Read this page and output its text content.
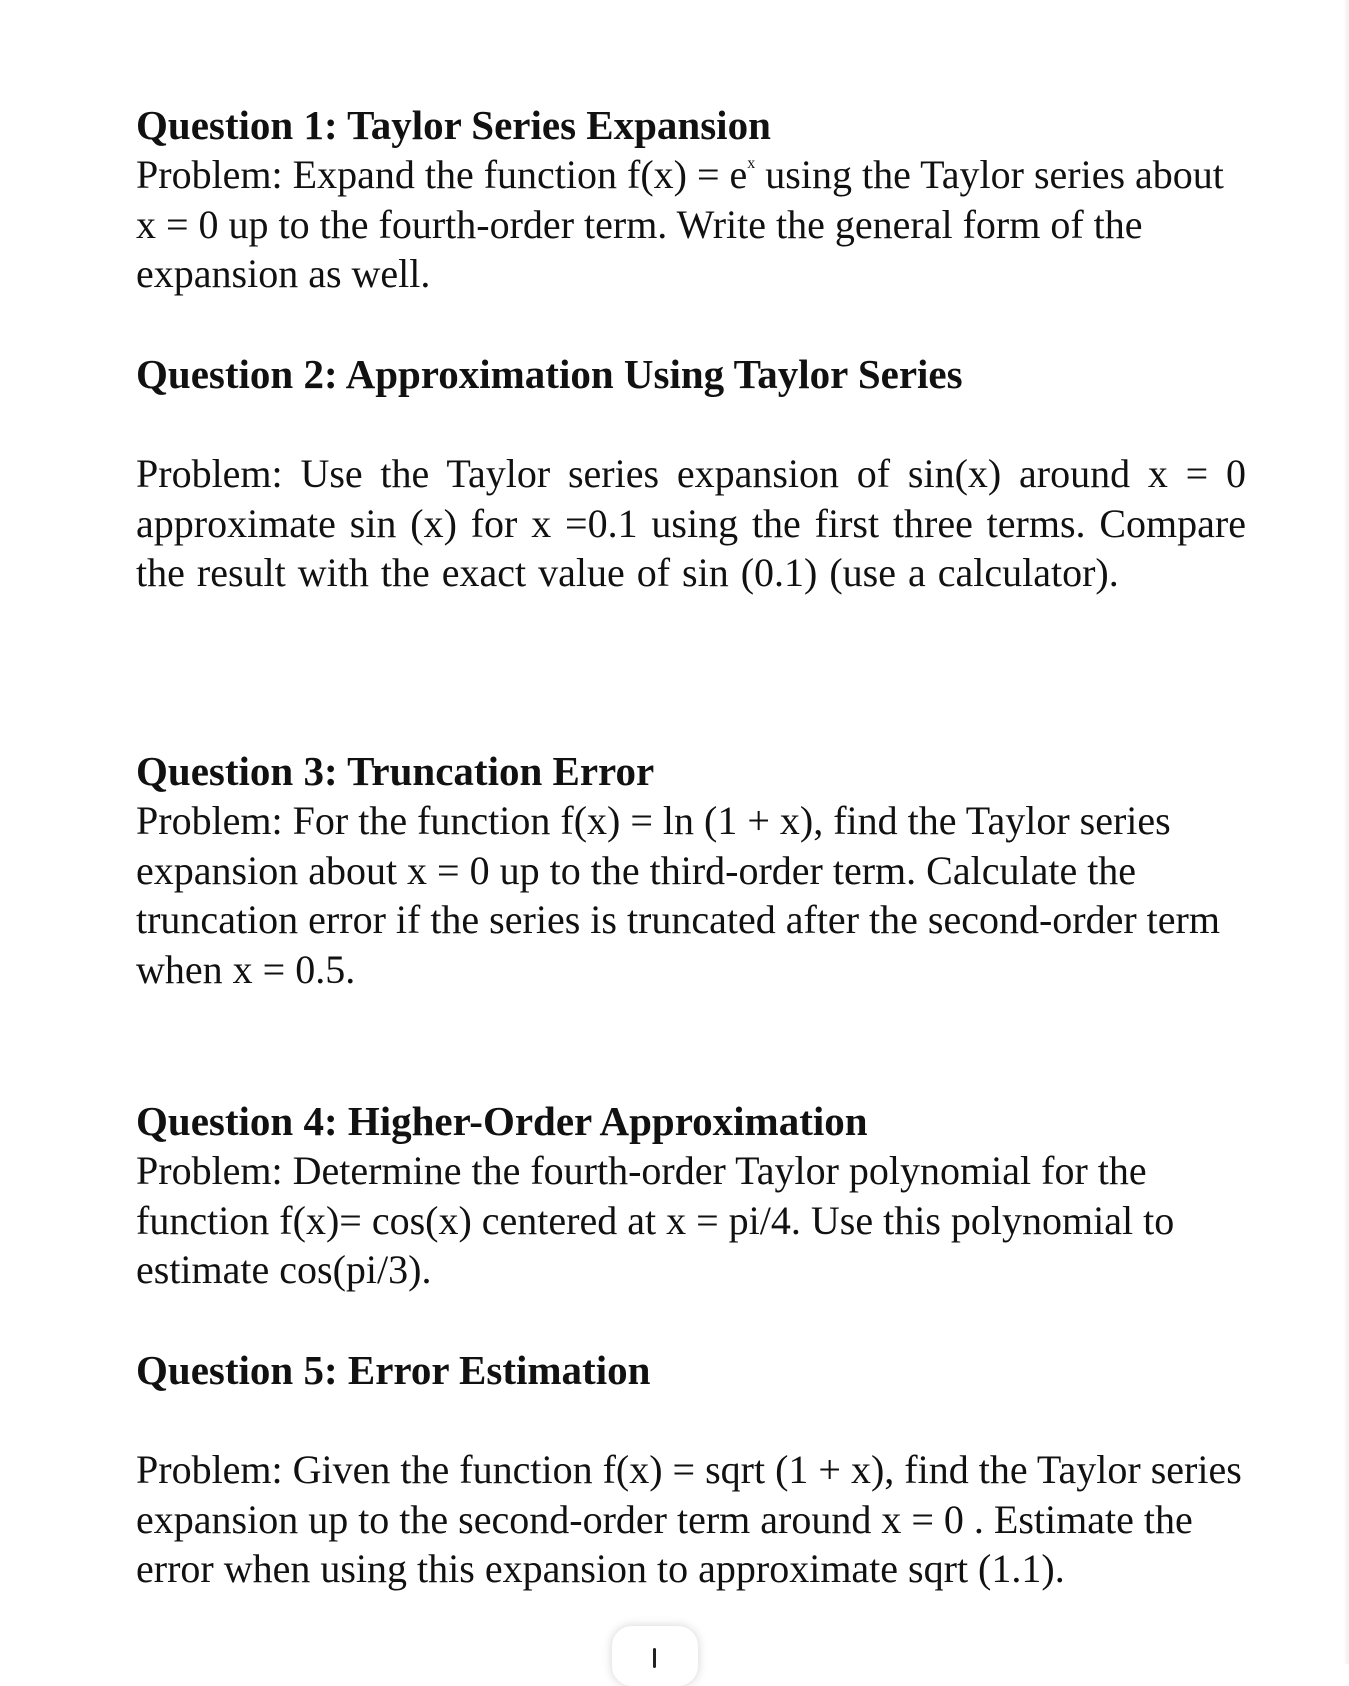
Question 1: Taylor Series Expansion

Problem: Expand the function $f(x) = e^x$ using the Taylor series about x = 0 up to the fourth-order term. Write the general form of the expansion as well.

Question 2: Approximation Using Taylor Series

Problem: Use the Taylor series expansion of sin(x) around x = 0 approximate sin (x) for x =0.1 using the first three terms. Compare the result with the exact value of sin (0.1) (use a calculator).

Question 3: Truncation Error

Problem: For the function f(x) = ln (1 + x), find the Taylor series expansion about x = 0 up to the third-order term. Calculate the truncation error if the series is truncated after the second-order term when x = 0.5.

Question 4: Higher-Order Approximation

Problem: Determine the fourth-order Taylor polynomial for the function f(x)= cos(x) centered at x = pi/4. Use this polynomial to estimate cos(pi/3).

Question 5: Error Estimation

Problem: Given the function f(x) = sqrt (1 + x), find the Taylor series expansion up to the second-order term around x = 0 . Estimate the error when using this expansion to approximate sqrt (1.1).
